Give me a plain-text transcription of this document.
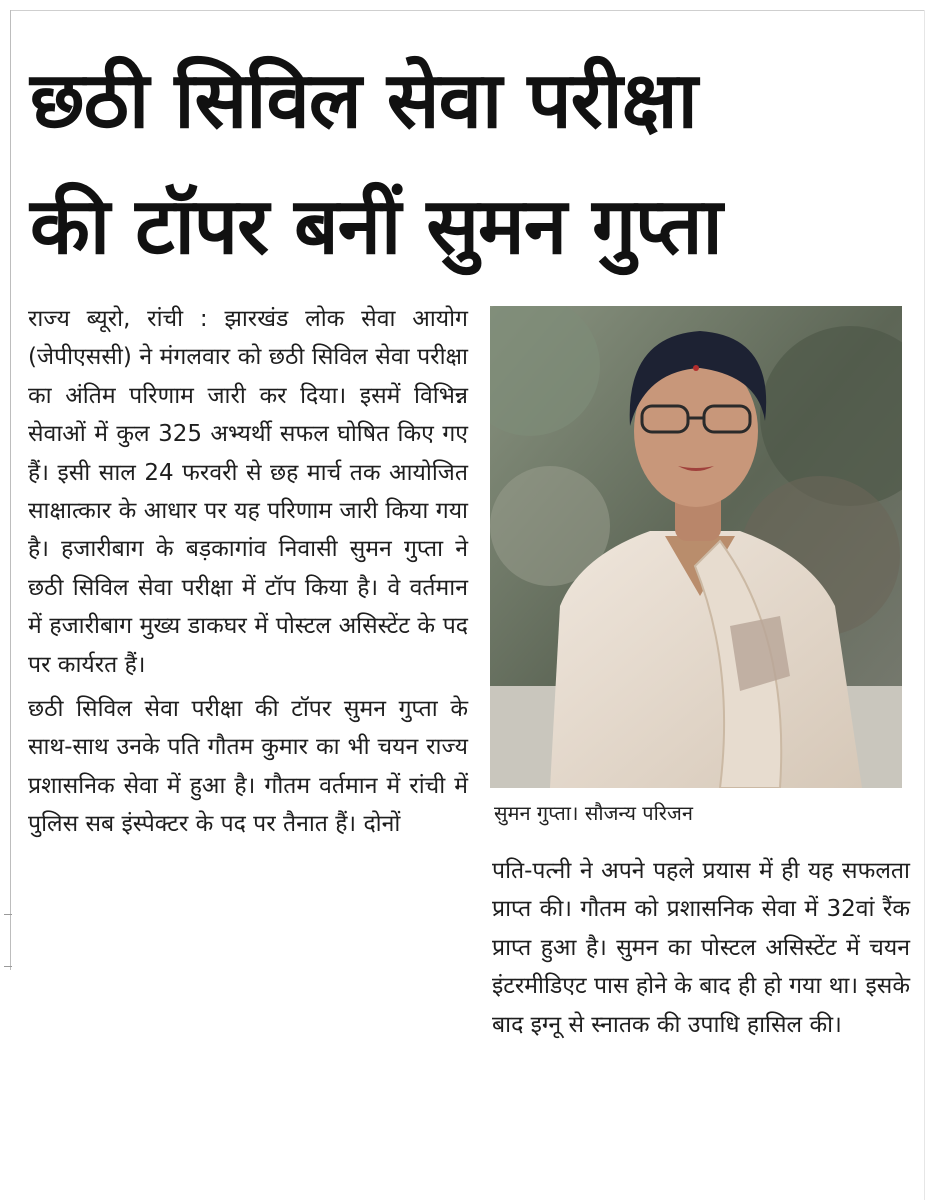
छठी सिविल सेवा परीक्षा
की टॉपर बनीं सुमन गुप्ता

राज्य ब्यूरो, रांची : झारखंड लोक सेवा आयोग (जेपीएससी) ने मंगलवार को छठी सिविल सेवा परीक्षा का अंतिम परिणाम जारी कर दिया। इसमें विभिन्न सेवाओं में कुल 325 अभ्यर्थी सफल घोषित किए गए हैं। इसी साल 24 फरवरी से छह मार्च तक आयोजित साक्षात्कार के आधार पर यह परिणाम जारी किया गया है। हजारीबाग के बड़कागांव निवासी सुमन गुप्ता ने छठी सिविल सेवा परीक्षा में टॉप किया है। वे वर्तमान में हजारीबाग मुख्य डाकघर में पोस्टल असिस्टेंट के पद पर कार्यरत हैं।

छठी सिविल सेवा परीक्षा की टॉपर सुमन गुप्ता के साथ-साथ उनके पति गौतम कुमार का भी चयन राज्य प्रशासनिक सेवा में हुआ है। गौतम वर्तमान में रांची में पुलिस सब इंस्पेक्टर के पद पर तैनात हैं। दोनों	सुमन गुप्ता। सौजन्य परिजन

पति-पत्नी ने अपने पहले प्रयास में ही यह सफलता प्राप्त की। गौतम को प्रशासनिक सेवा में 32वां रैंक प्राप्त हुआ है। सुमन का पोस्टल असिस्टेंट में चयन इंटरमीडिएट पास होने के बाद ही हो गया था। इसके बाद इग्नू से स्नातक की उपाधि हासिल की।
